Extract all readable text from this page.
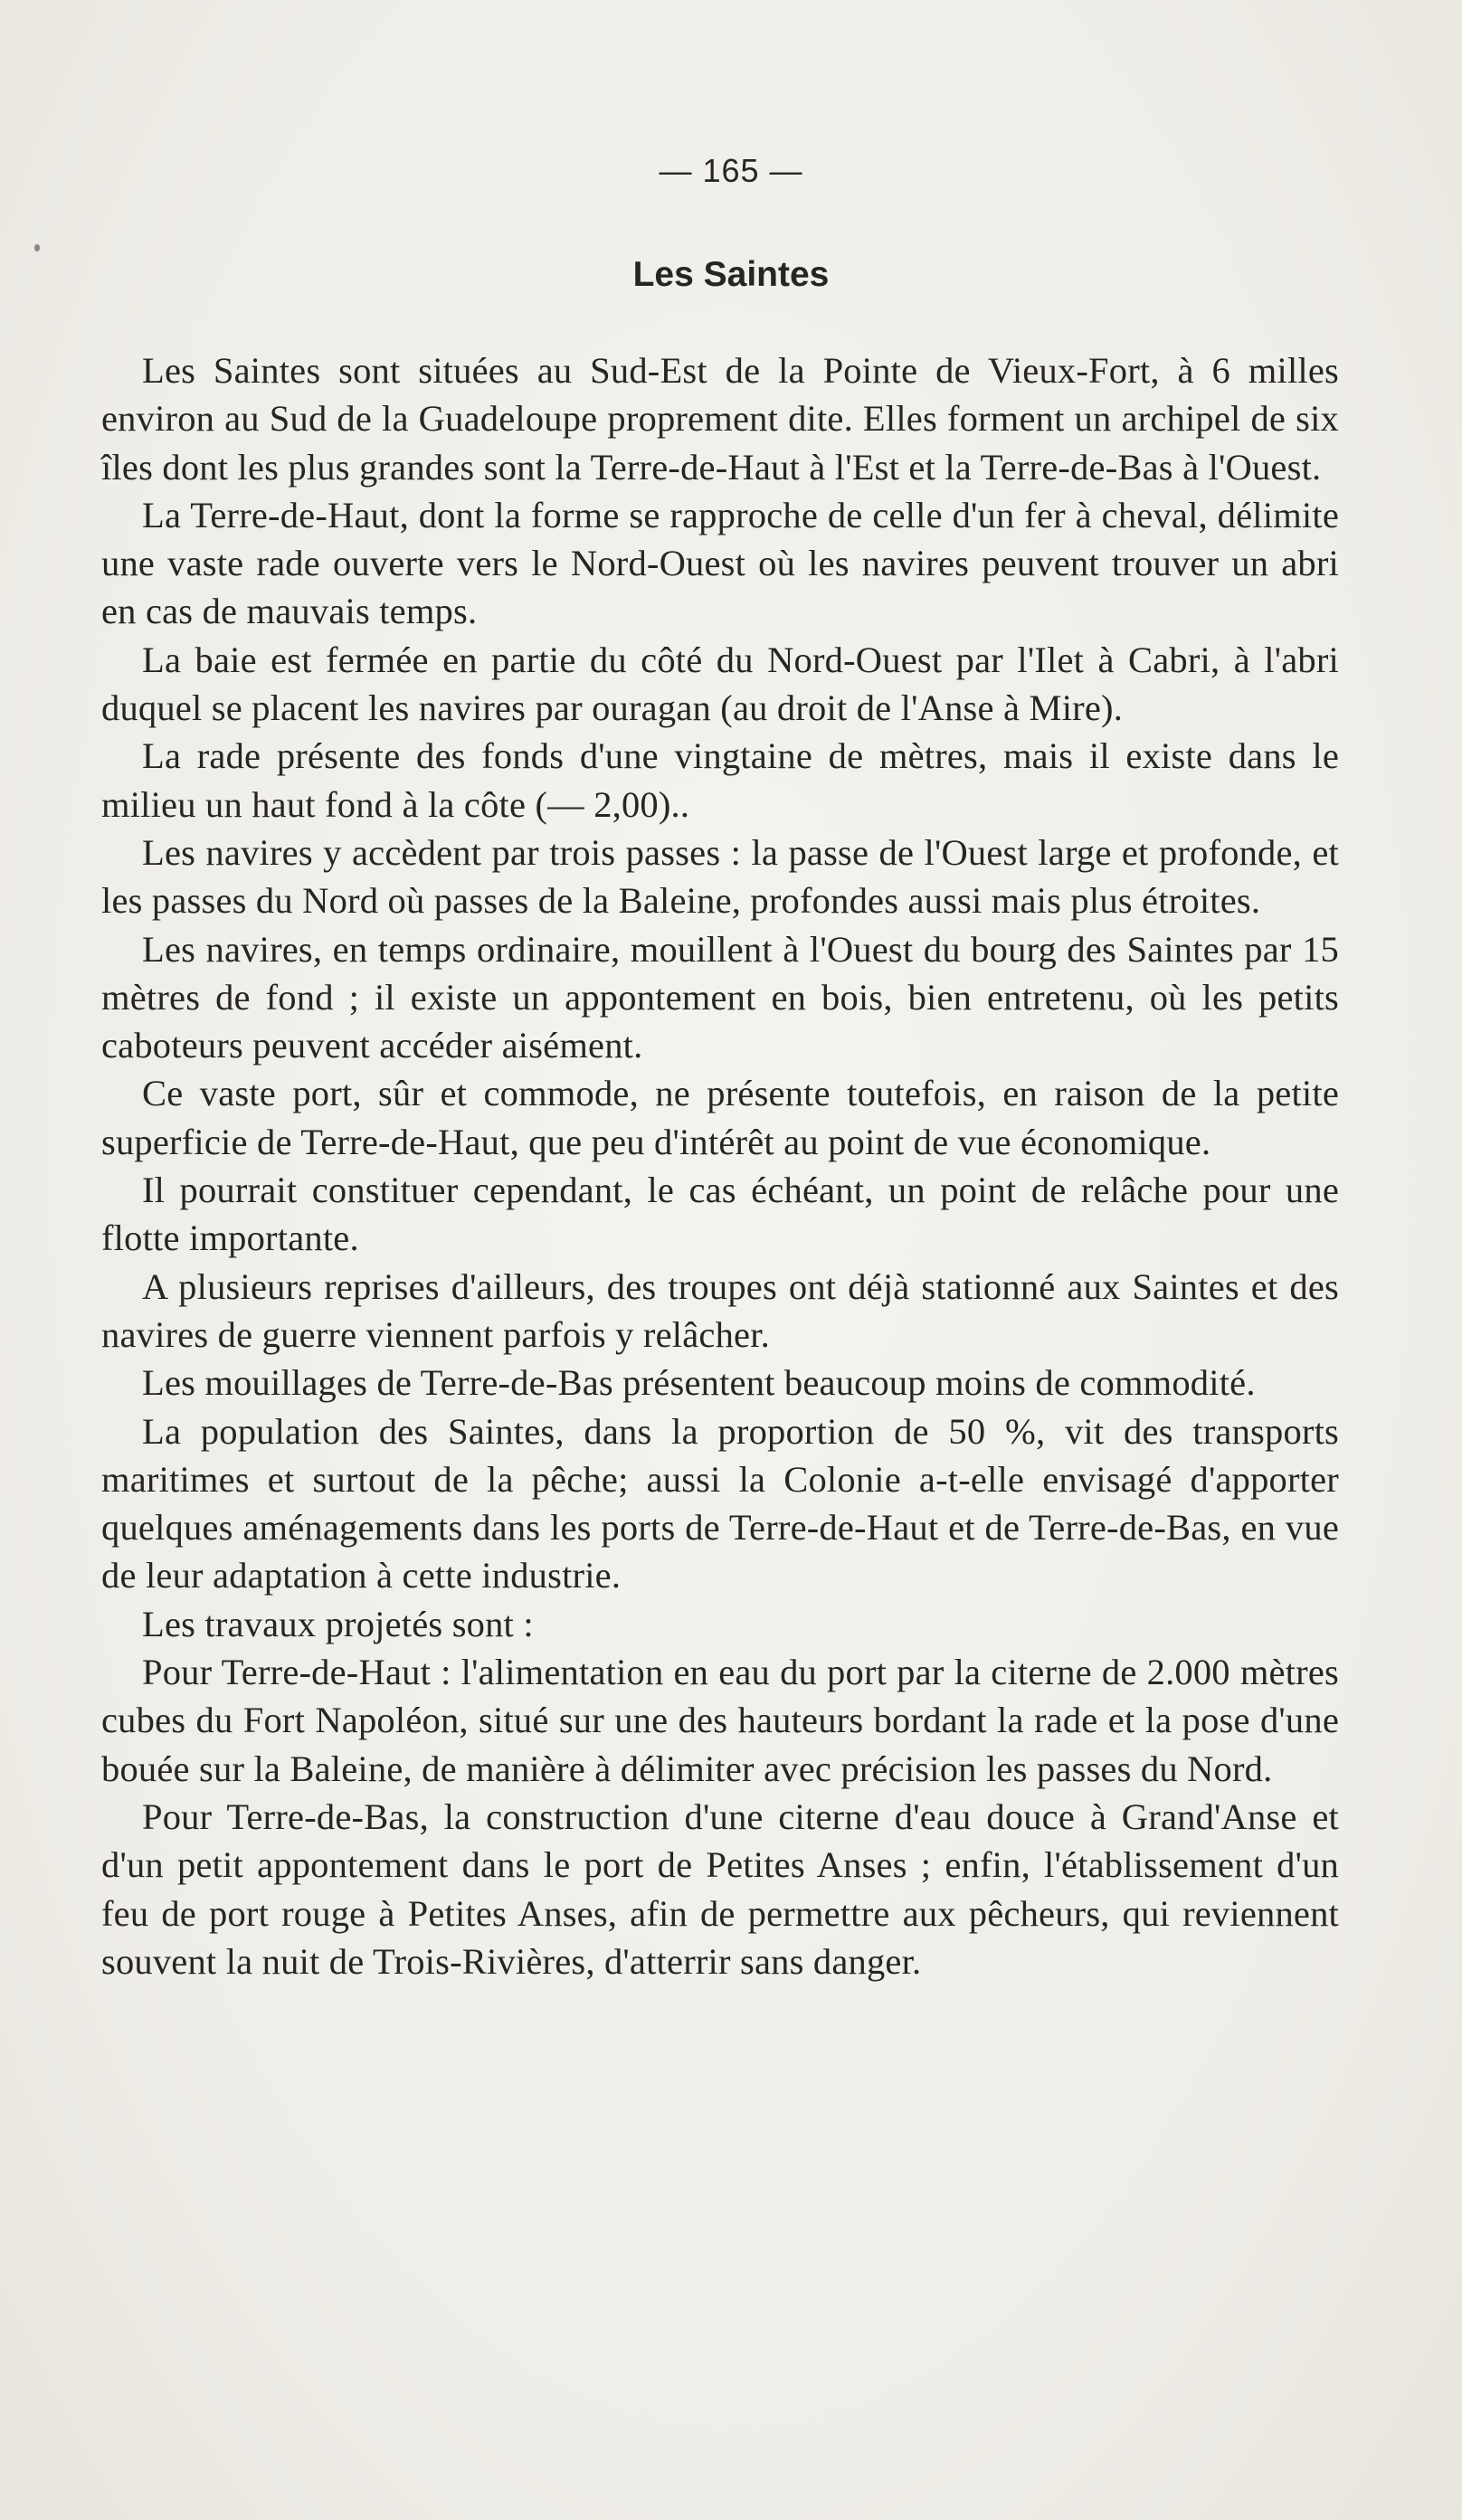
— 165 —

Les Saintes

Les Saintes sont situées au Sud-Est de la Pointe de Vieux-Fort, à 6 milles environ au Sud de la Guadeloupe proprement dite. Elles forment un archipel de six îles dont les plus grandes sont la Terre-de-Haut à l'Est et la Terre-de-Bas à l'Ouest.

La Terre-de-Haut, dont la forme se rapproche de celle d'un fer à cheval, délimite une vaste rade ouverte vers le Nord-Ouest où les navires peuvent trouver un abri en cas de mauvais temps.

La baie est fermée en partie du côté du Nord-Ouest par l'Ilet à Cabri, à l'abri duquel se placent les navires par ouragan (au droit de l'Anse à Mire).

La rade présente des fonds d'une vingtaine de mètres, mais il existe dans le milieu un haut fond à la côte (— 2,00)..

Les navires y accèdent par trois passes : la passe de l'Ouest large et profonde, et les passes du Nord où passes de la Baleine, profondes aussi mais plus étroites.

Les navires, en temps ordinaire, mouillent à l'Ouest du bourg des Saintes par 15 mètres de fond ; il existe un appontement en bois, bien entretenu, où les petits caboteurs peuvent accéder aisément.

Ce vaste port, sûr et commode, ne présente toutefois, en raison de la petite superficie de Terre-de-Haut, que peu d'intérêt au point de vue économique.

Il pourrait constituer cependant, le cas échéant, un point de relâche pour une flotte importante.

A plusieurs reprises d'ailleurs, des troupes ont déjà stationné aux Saintes et des navires de guerre viennent parfois y relâcher.

Les mouillages de Terre-de-Bas présentent beaucoup moins de commodité.

La population des Saintes, dans la proportion de 50 %, vit des transports maritimes et surtout de la pêche; aussi la Colonie a-t-elle envisagé d'apporter quelques aménagements dans les ports de Terre-de-Haut et de Terre-de-Bas, en vue de leur adaptation à cette industrie.

Les travaux projetés sont :

Pour Terre-de-Haut : l'alimentation en eau du port par la citerne de 2.000 mètres cubes du Fort Napoléon, situé sur une des hauteurs bordant la rade et la pose d'une bouée sur la Baleine, de manière à délimiter avec précision les passes du Nord.

Pour Terre-de-Bas, la construction d'une citerne d'eau douce à Grand'Anse et d'un petit appontement dans le port de Petites Anses ; enfin, l'établissement d'un feu de port rouge à Petites Anses, afin de permettre aux pêcheurs, qui reviennent souvent la nuit de Trois-Rivières, d'atterrir sans danger.
